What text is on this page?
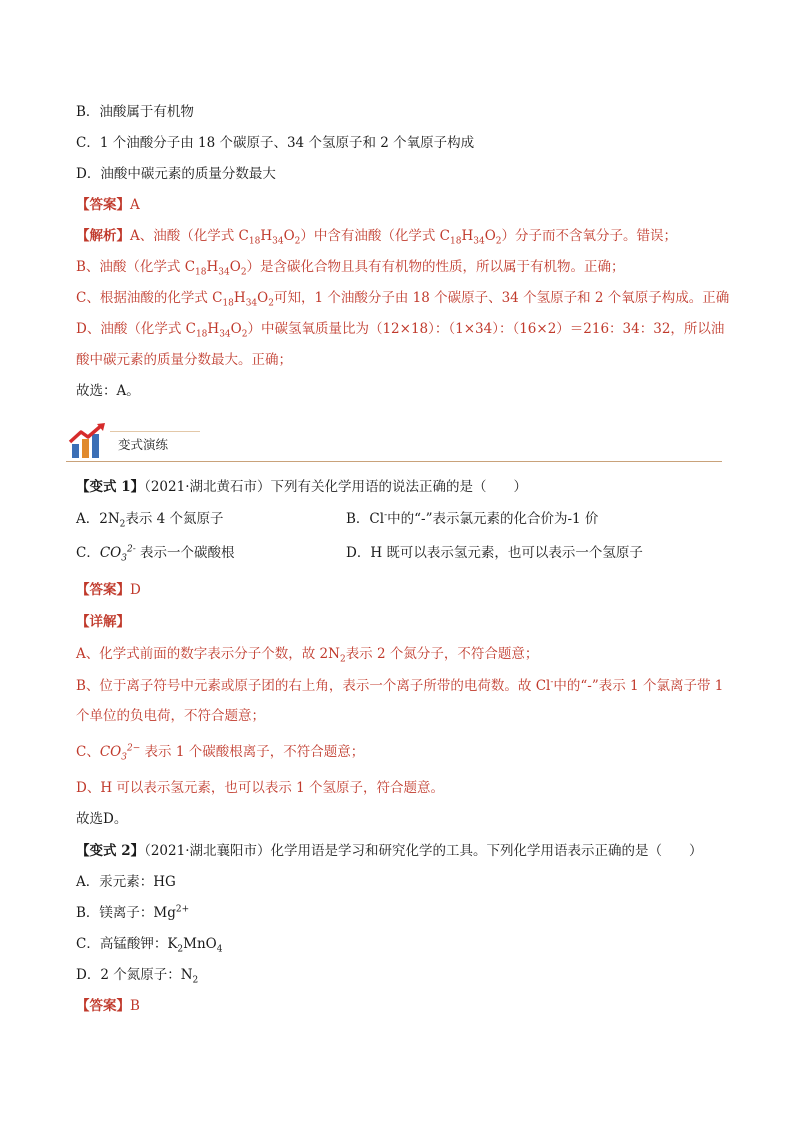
B．油酸属于有机物
C．1 个油酸分子由 18 个碳原子、34 个氢原子和 2 个氧原子构成
D．油酸中碳元素的质量分数最大
【答案】A
【解析】A、油酸（化学式 $C_{18}H_{34}O_2$）中含有油酸（化学式 $C_{18}H_{34}O_2$）分子而不含氧分子。错误；
B、油酸（化学式 $C_{18}H_{34}O_2$）是含碳化合物且具有有机物的性质，所以属于有机物。正确；
C、根据油酸的化学式 $C_{18}H_{34}O_2$可知，1 个油酸分子由 18 个碳原子、34 个氢原子和 2 个氧原子构成。正确
D、油酸（化学式 $C_{18}H_{34}O_2$）中碳氢氧质量比为（12×18）：（1×34）：（16×2）＝216：34：32，所以油
酸中碳元素的质量分数最大。正确；
故选：A。
变式演练
【变式 1】（2021·湖北黄石市）下列有关化学用语的说法正确的是（　　）
A．$2N_2$表示 4 个氮原子	B．Cl-中的“-”表示氯元素的化合价为-1 价
C．$CO_3^{2-}$ 表示一个碳酸根	D．H 既可以表示氢元素，也可以表示一个氢原子
【答案】D
【详解】
A、化学式前面的数字表示分子个数，故 $2N_2$表示 2 个氮分子，不符合题意；
B、位于离子符号中元素或原子团的右上角，表示一个离子所带的电荷数。故 Cl-中的“-”表示 1 个氯离子带 1
个单位的负电荷，不符合题意；
C、$CO_3^{2-}$ 表示 1 个碳酸根离子，不符合题意；
D、H 可以表示氢元素，也可以表示 1 个氢原子，符合题意。
故选D。
【变式 2】（2021·湖北襄阳市）化学用语是学习和研究化学的工具。下列化学用语表示正确的是（　　）
A．汞元素：HG
B．镁离子：$Mg^{2+}$
C．高锰酸钾：$K_2MnO_4$
D．2 个氮原子：$N_2$
【答案】B
